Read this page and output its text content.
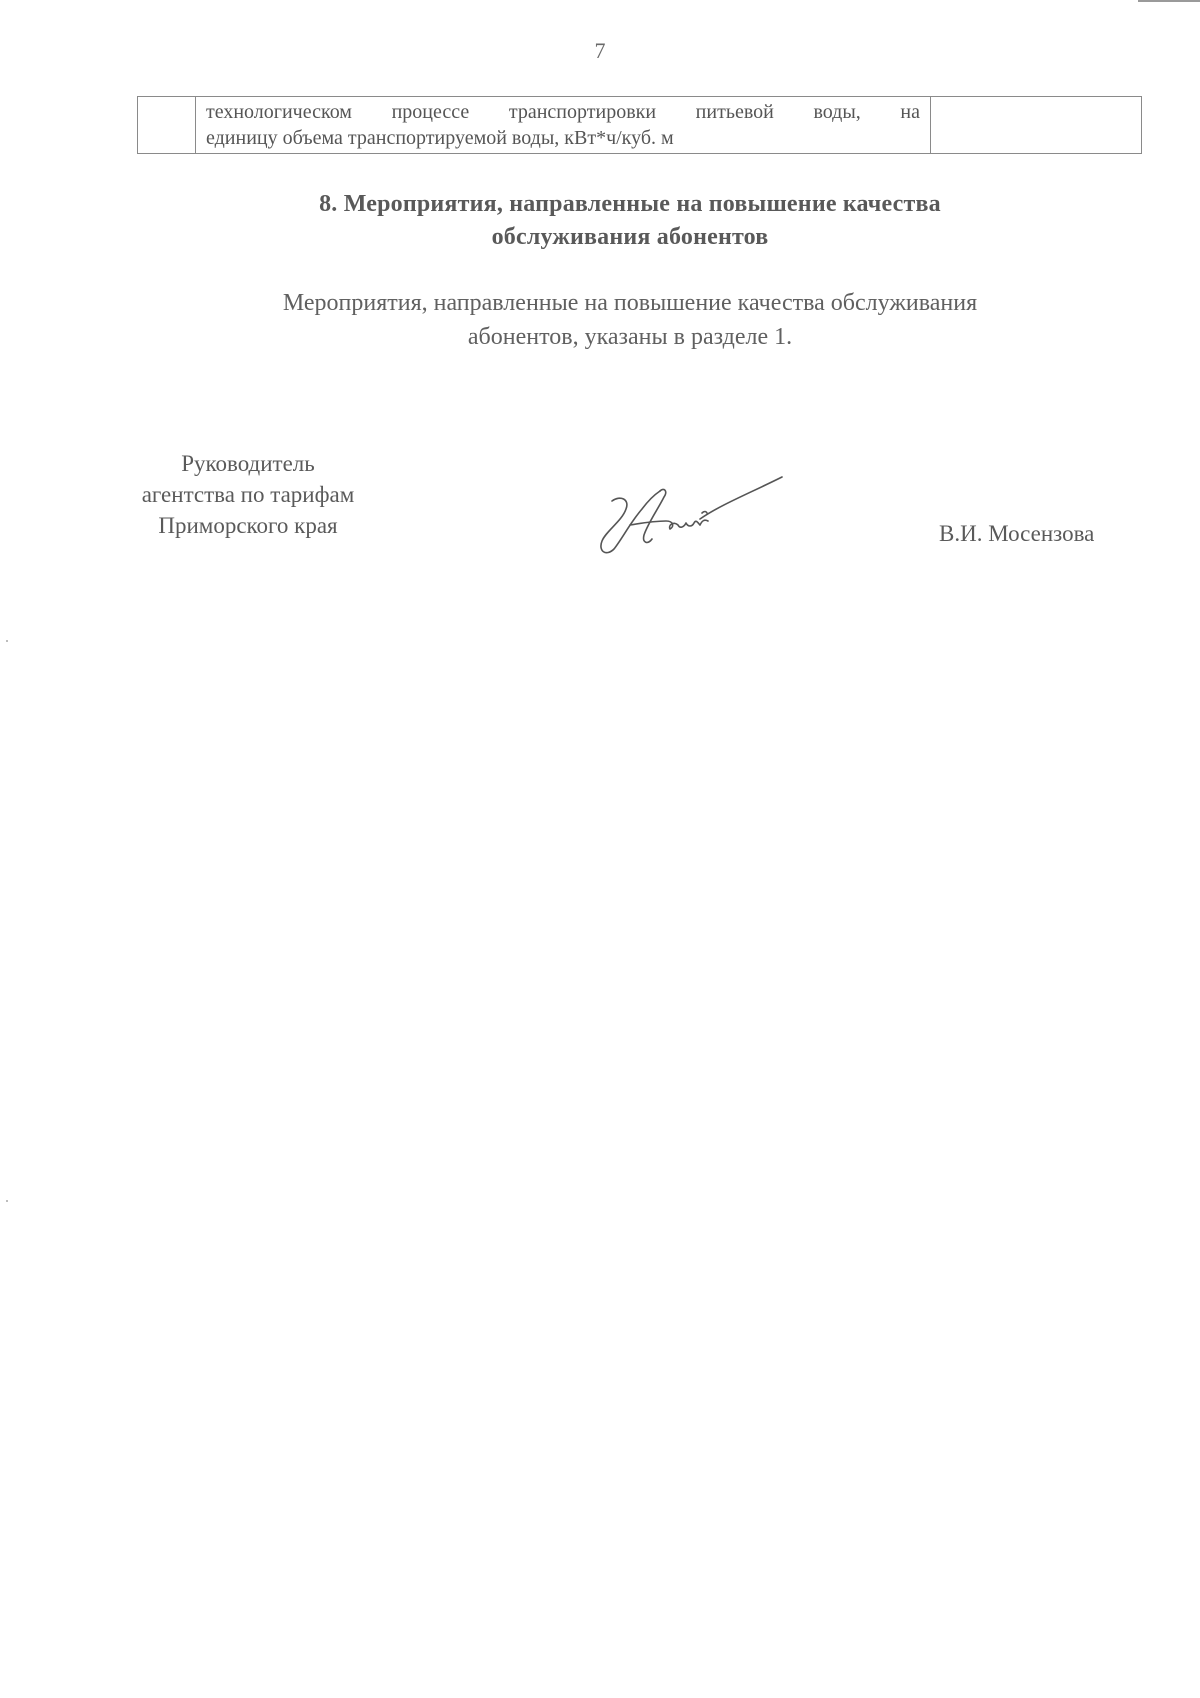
7

технологическом процессе транспортировки питьевой воды, на
единицу объема транспортируемой воды, кВт*ч/куб. м

8. Мероприятия, направленные на повышение качества
обслуживания абонентов
Мероприятия, направленные на повышение качества обслуживания
абонентов, указаны в разделе 1.
Руководитель
агентства по тарифам
Приморского края	В.И. Мосензова
